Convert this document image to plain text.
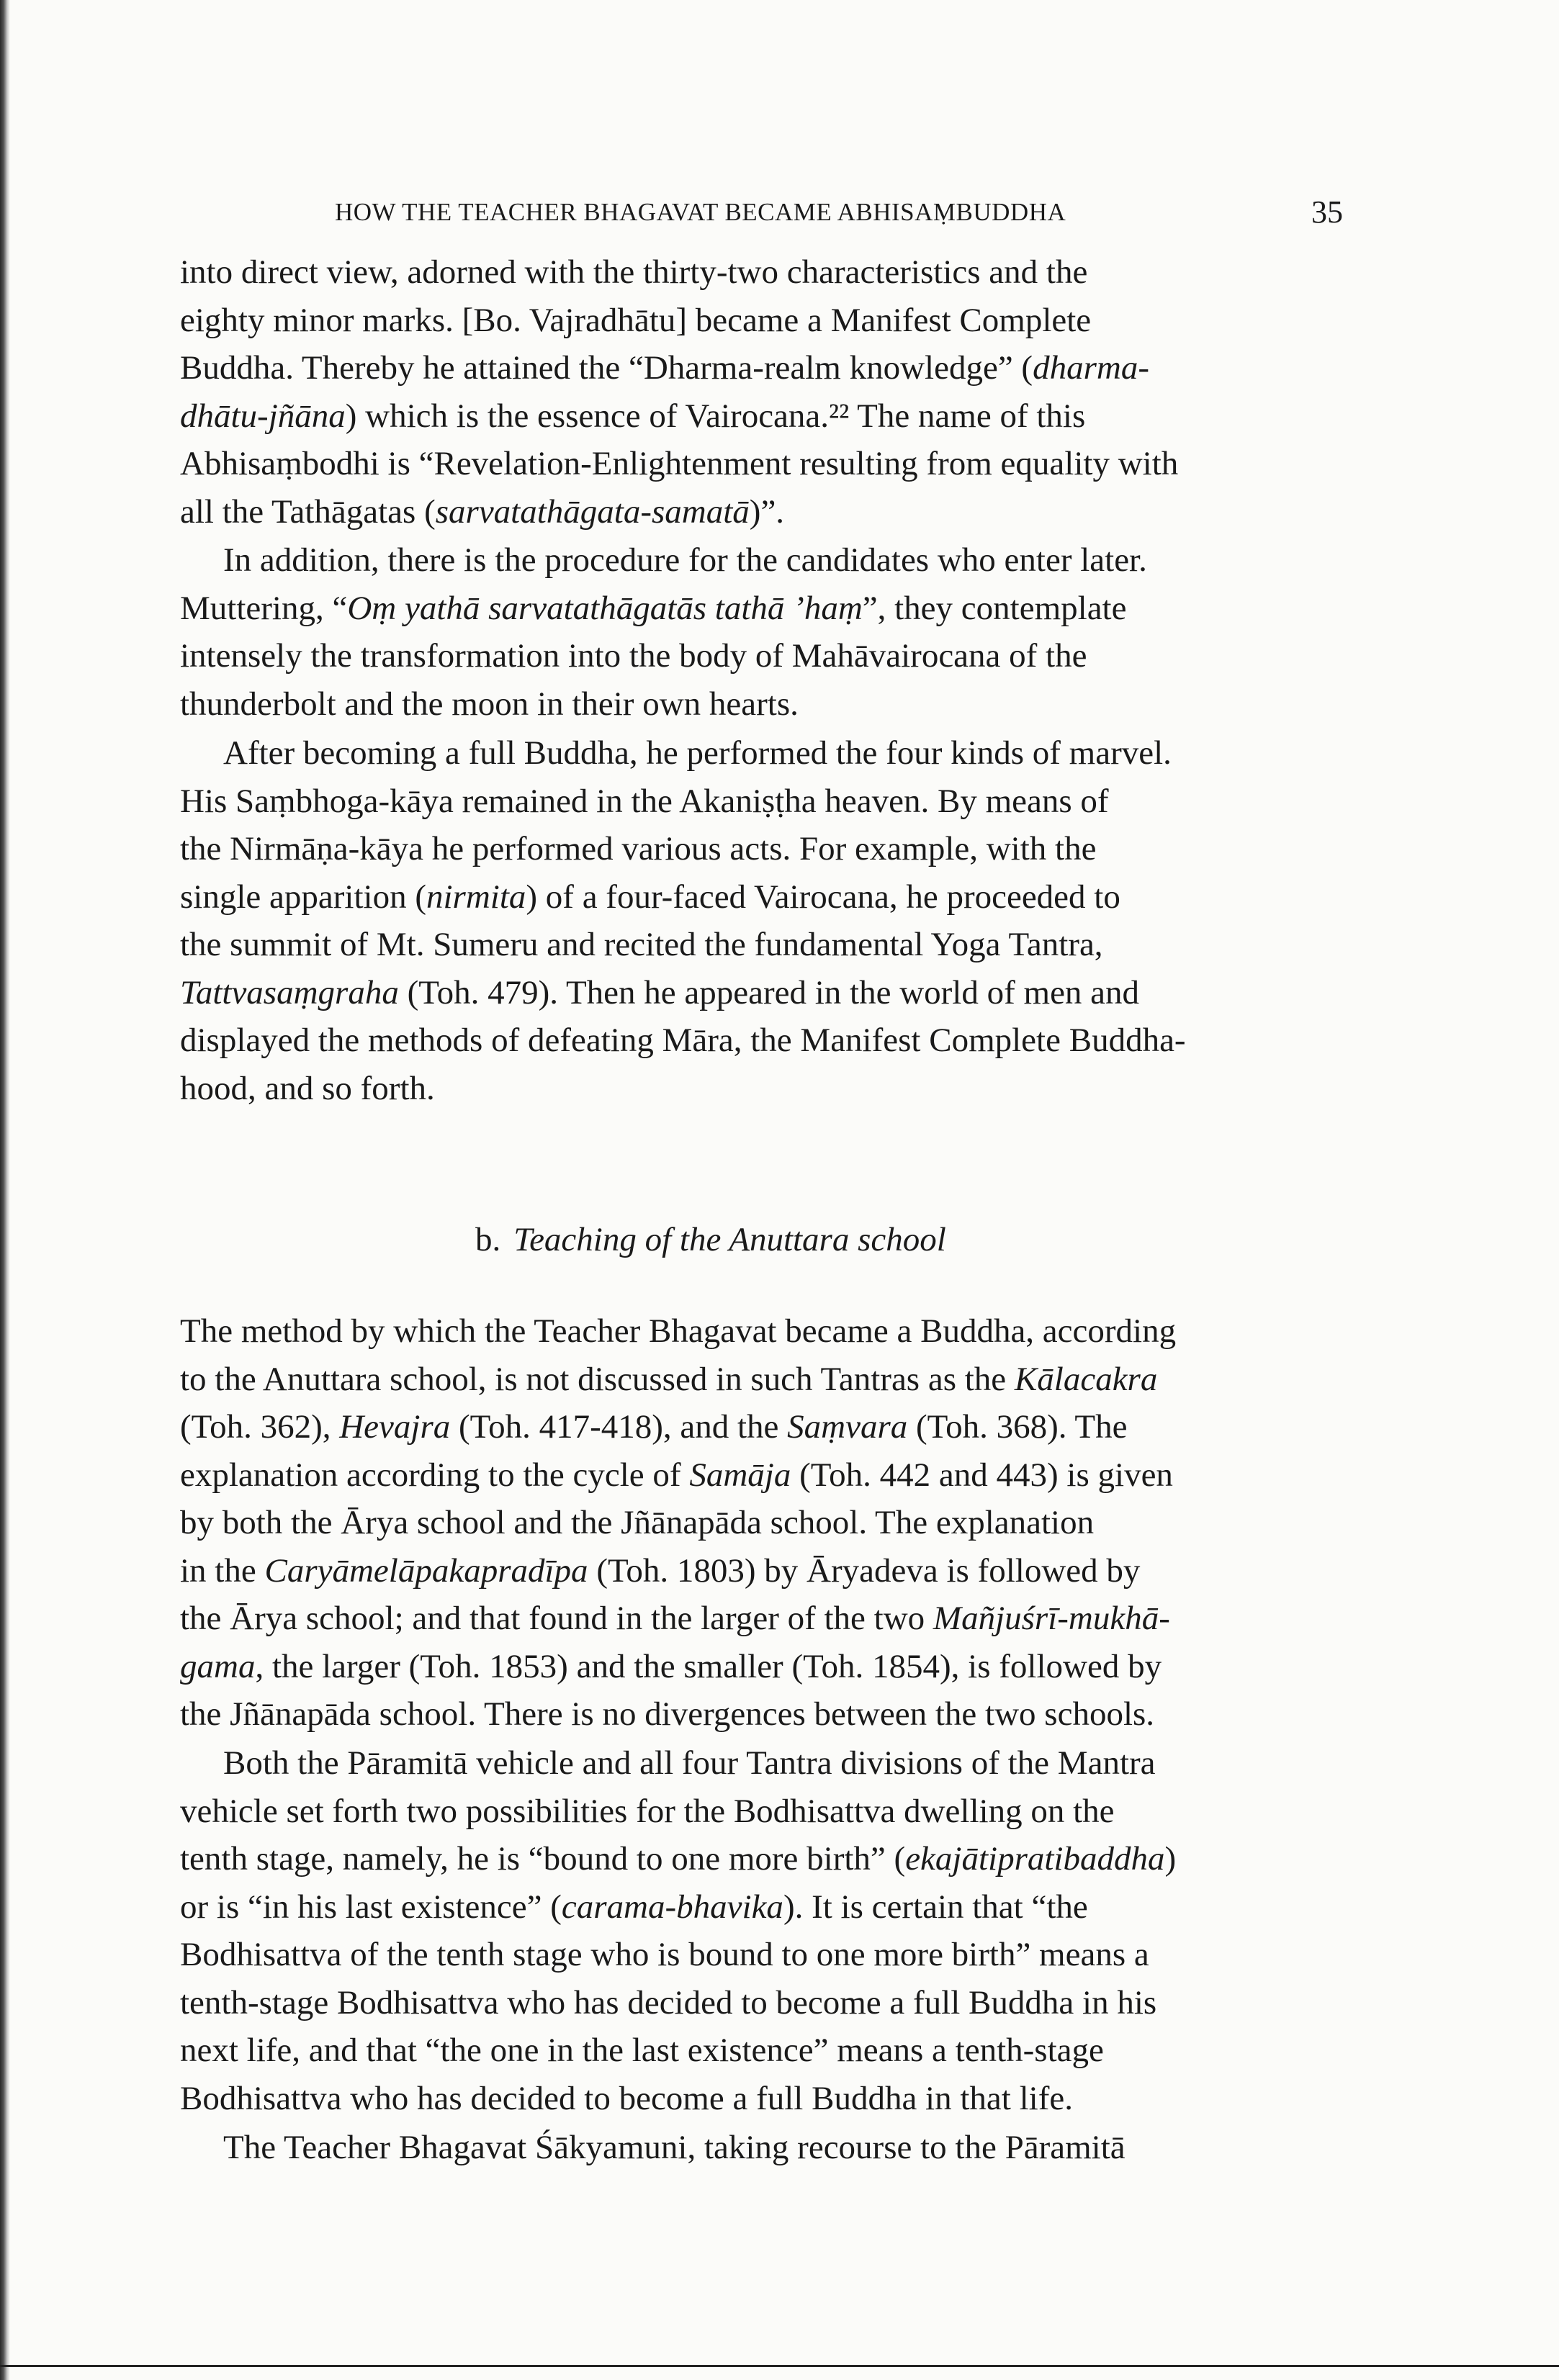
HOW THE TEACHER BHAGAVAT BECAME ABHISAṂBUDDHA	35
into direct view, adorned with the thirty-two characteristics and the
eighty minor marks. [Bo. Vajradhātu] became a Manifest Complete
Buddha. Thereby he attained the “Dharma-realm knowledge” (dharma-
dhātu-jñāna) which is the essence of Vairocana.²² The name of this
Abhisaṃbodhi is “Revelation-Enlightenment resulting from equality with
all the Tathāgatas (sarvatathāgata-samatā)”.
In addition, there is the procedure for the candidates who enter later.
Muttering, “Oṃ yathā sarvatathāgatās tathā ’haṃ”, they contemplate
intensely the transformation into the body of Mahāvairocana of the
thunderbolt and the moon in their own hearts.
After becoming a full Buddha, he performed the four kinds of marvel.
His Saṃbhoga-kāya remained in the Akaniṣṭha heaven. By means of
the Nirmāṇa-kāya he performed various acts. For example, with the
single apparition (nirmita) of a four-faced Vairocana, he proceeded to
the summit of Mt. Sumeru and recited the fundamental Yoga Tantra,
Tattvasaṃgraha (Toh. 479). Then he appeared in the world of men and
displayed the methods of defeating Māra, the Manifest Complete Buddha-
hood, and so forth.
b. Teaching of the Anuttara school
The method by which the Teacher Bhagavat became a Buddha, according
to the Anuttara school, is not discussed in such Tantras as the Kālacakra
(Toh. 362), Hevajra (Toh. 417-418), and the Saṃvara (Toh. 368). The
explanation according to the cycle of Samāja (Toh. 442 and 443) is given
by both the Ārya school and the Jñānapāda school. The explanation
in the Caryāmelāpakapradīpa (Toh. 1803) by Āryadeva is followed by
the Ārya school; and that found in the larger of the two Mañjuśrī-mukhā-
gama, the larger (Toh. 1853) and the smaller (Toh. 1854), is followed by
the Jñānapāda school. There is no divergences between the two schools.
Both the Pāramitā vehicle and all four Tantra divisions of the Mantra
vehicle set forth two possibilities for the Bodhisattva dwelling on the
tenth stage, namely, he is “bound to one more birth” (ekajātipratibaddha)
or is “in his last existence” (carama-bhavika). It is certain that “the
Bodhisattva of the tenth stage who is bound to one more birth” means a
tenth-stage Bodhisattva who has decided to become a full Buddha in his
next life, and that “the one in the last existence” means a tenth-stage
Bodhisattva who has decided to become a full Buddha in that life.
The Teacher Bhagavat Śākyamuni, taking recourse to the Pāramitā
